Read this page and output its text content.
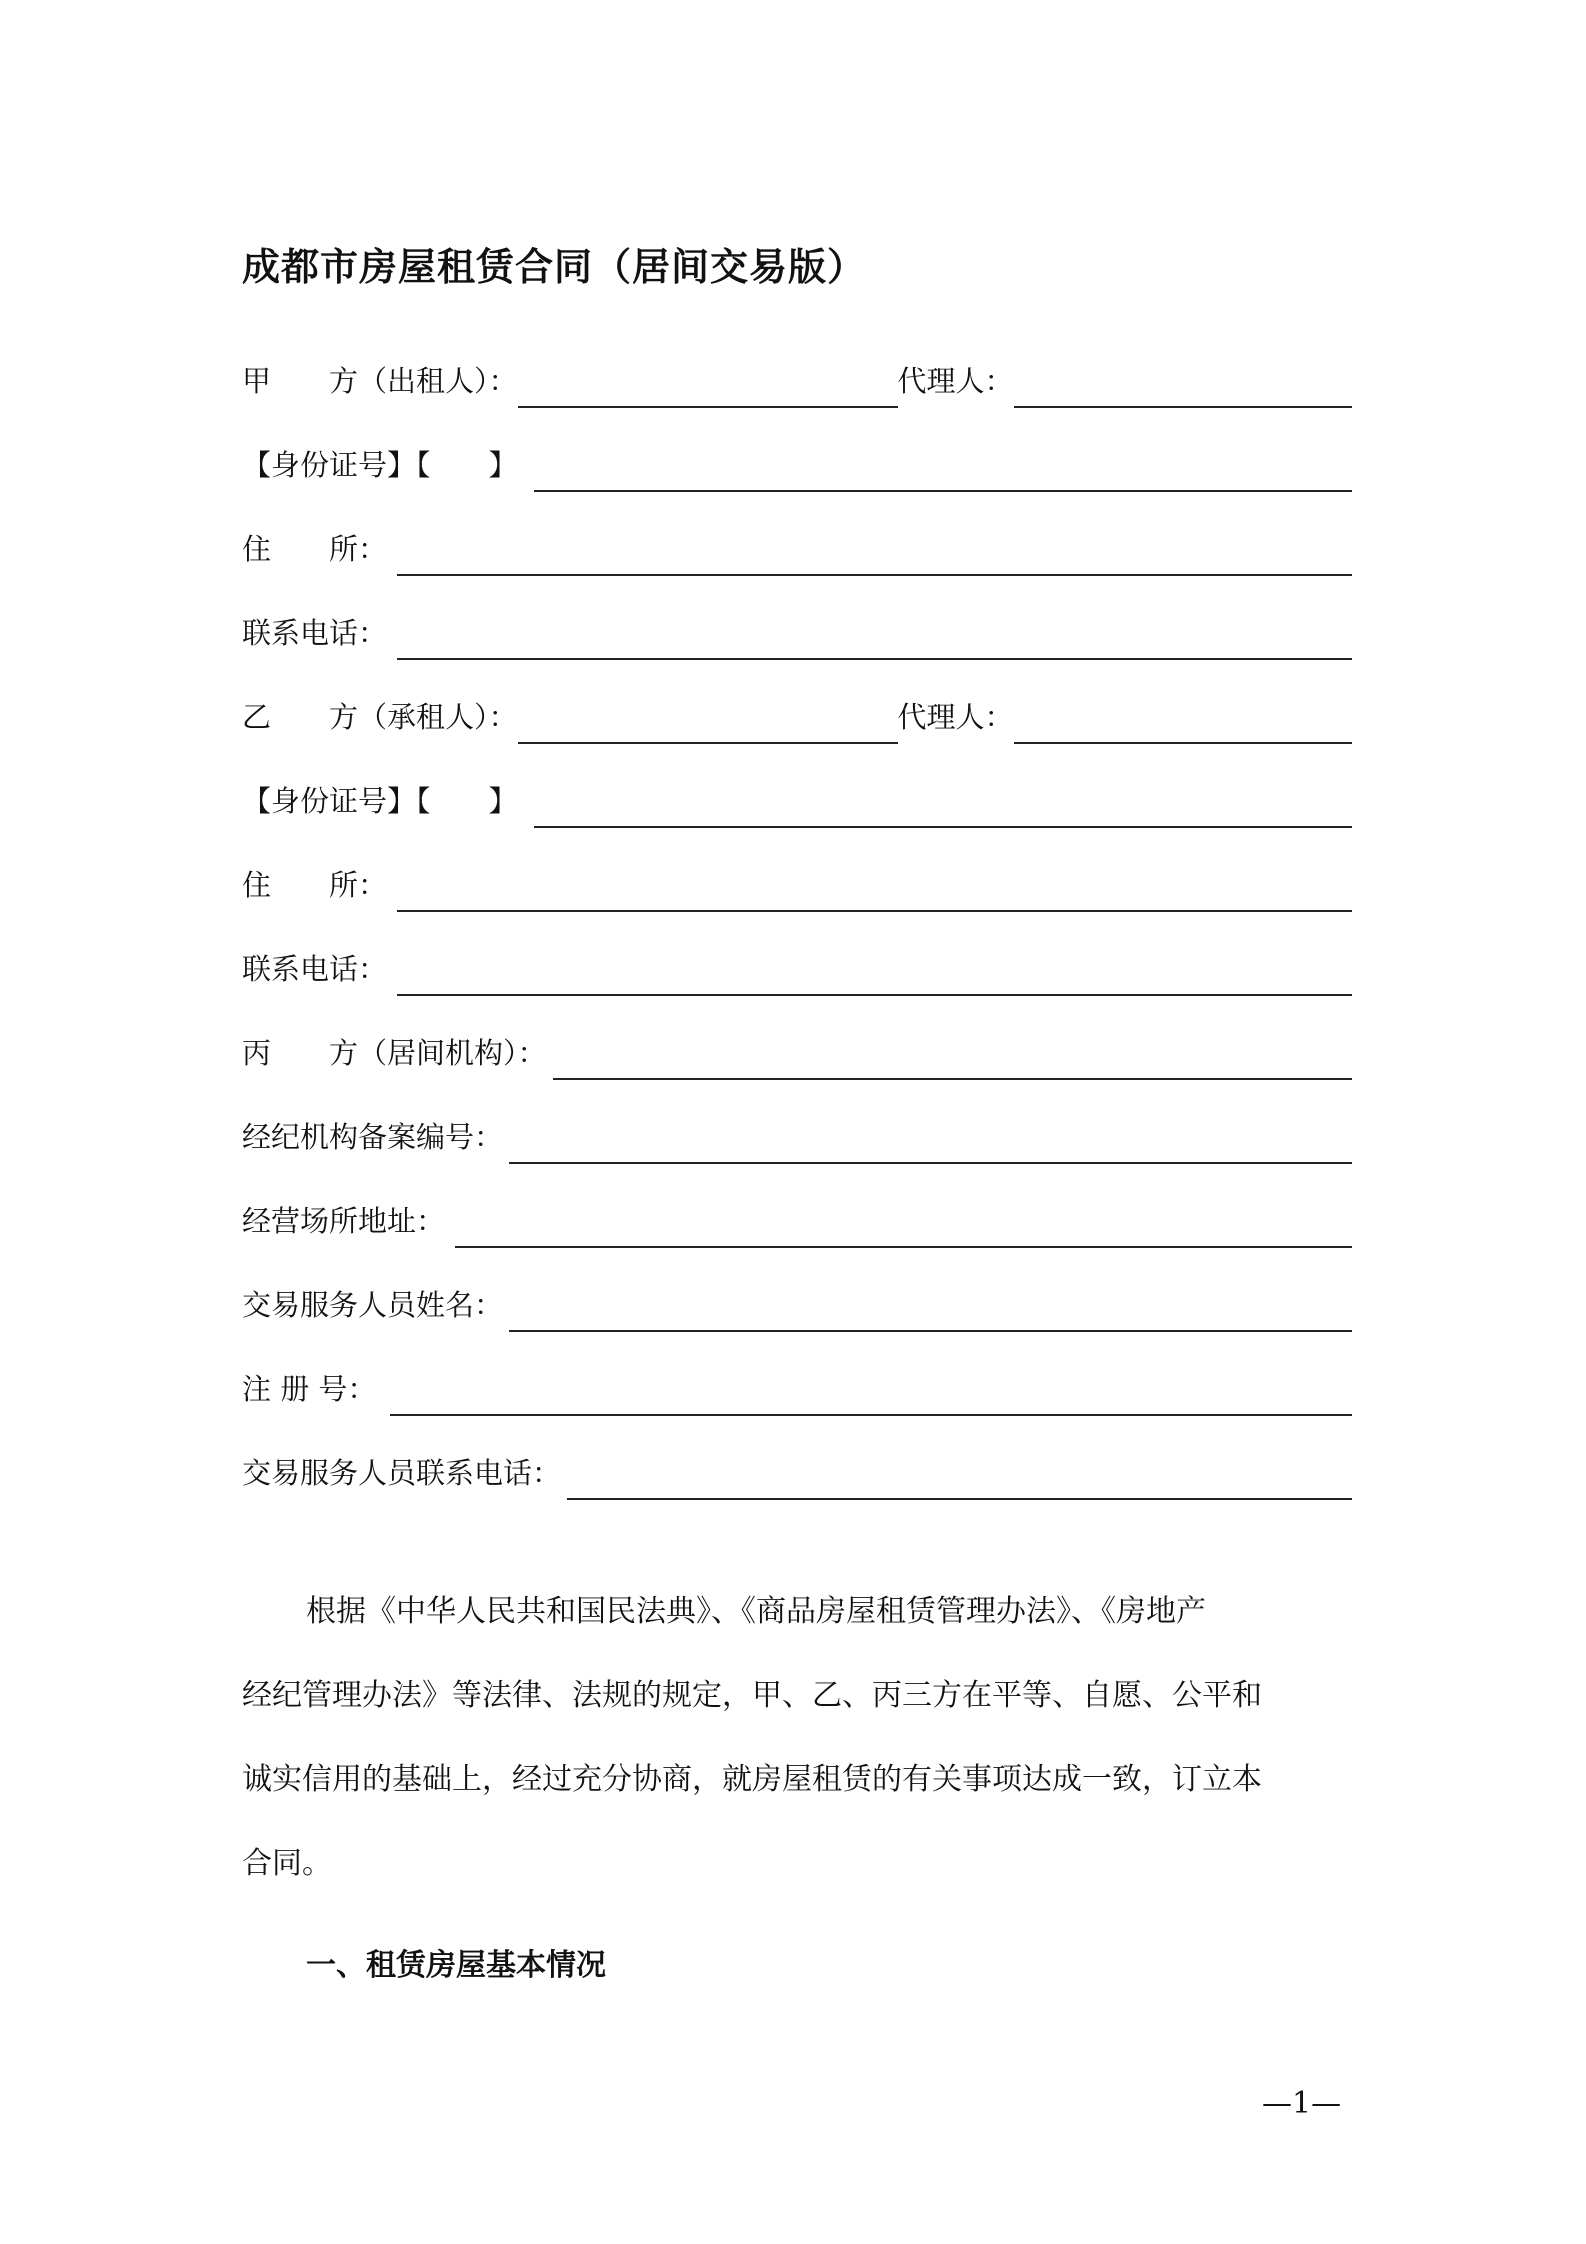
成都市房屋租赁合同（居间交易版）
甲　　方（出租人）：	代理人：
【身份证号】【　　】
住　　所：
联系电话：
乙　　方（承租人）：	代理人：
【身份证号】【　　】
住　　所：
联系电话：
丙　　方（居间机构）：
经纪机构备案编号：
经营场所地址：
交易服务人员姓名：
注 册 号：
交易服务人员联系电话：
根据《中华人民共和国民法典》、《商品房屋租赁管理办法》、《房地产
经纪管理办法》等法律、法规的规定，甲、乙、丙三方在平等、自愿、公平和
诚实信用的基础上，经过充分协商，就房屋租赁的有关事项达成一致，订立本
合同。
一、租赁房屋基本情况
—1—
